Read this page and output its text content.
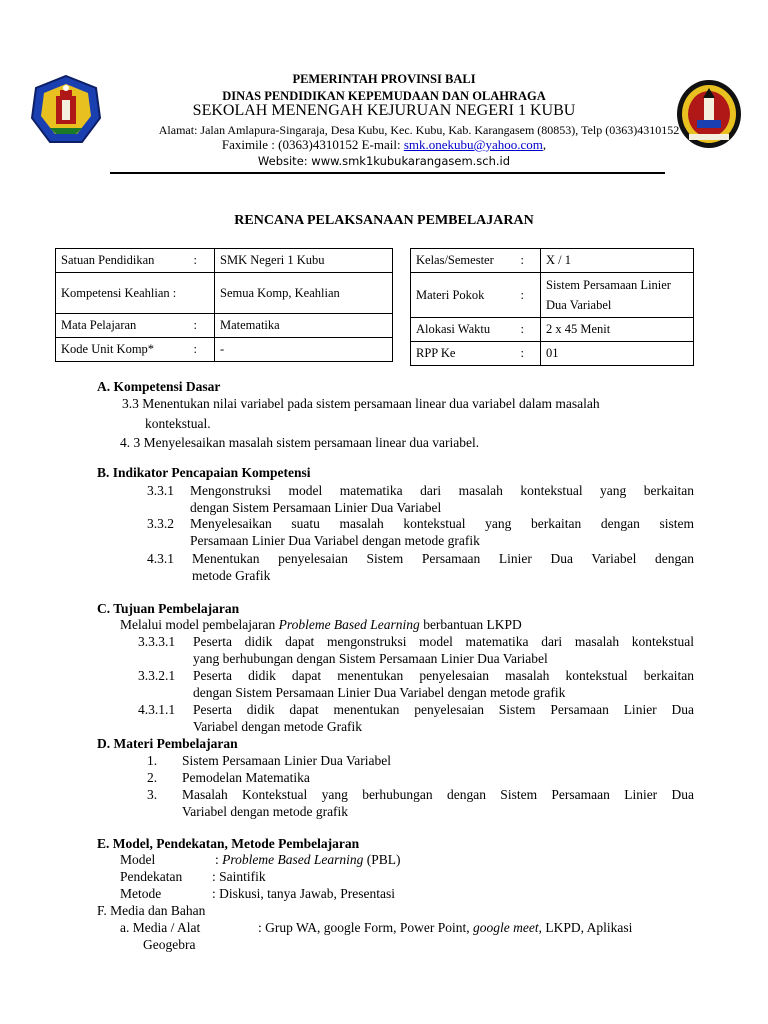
PEMERINTAH PROVINSI BALI
DINAS PENDIDIKAN KEPEMUDAAN DAN OLAHRAGA
SEKOLAH MENENGAH KEJURUAN NEGERI 1 KUBU
Alamat: Jalan Amlapura-Singaraja, Desa Kubu, Kec. Kubu, Kab. Karangasem (80853), Telp (0363)4310152
Faximile : (0363)4310152 E-mail: smk.onekubu@yahoo.com,
Website: www.smk1kubukarangasem.sch.id
RENCANA PELAKSANAAN PEMBELAJARAN
Satuan Pendidikan	:	SMK Negeri 1 Kubu
Kompetensi Keahlian :		Semua Komp, Keahlian
Mata Pelajaran	:	Matematika
Kode Unit Komp*	:	-
Kelas/Semester	:	X / 1
Materi Pokok	:	Sistem Persamaan Linier Dua Variabel
Alokasi Waktu	:	2 x 45 Menit
RPP Ke	:	01
A. Kompetensi Dasar
3.3 Menentukan nilai variabel pada sistem persamaan linear dua variabel dalam masalah
kontekstual.
4. 3 Menyelesaikan masalah sistem persamaan linear dua variabel.
B. Indikator Pencapaian Kompetensi
3.3.1 Mengonstruksi model matematika dari masalah kontekstual yang berkaitan
dengan Sistem Persamaan Linier Dua Variabel
3.3.2 Menyelesaikan suatu masalah kontekstual yang berkaitan dengan sistem
Persamaan Linier Dua Variabel dengan metode grafik
4.3.1 Menentukan penyelesaian Sistem Persamaan Linier Dua Variabel dengan
metode Grafik
C. Tujuan Pembelajaran
Melalui model pembelajaran Probleme Based Learning berbantuan LKPD
3.3.3.1 Peserta didik dapat mengonstruksi model matematika dari masalah kontekstual
yang berhubungan dengan Sistem Persamaan Linier Dua Variabel
3.3.2.1 Peserta didik dapat menentukan penyelesaian masalah kontekstual berkaitan
dengan Sistem Persamaan Linier Dua Variabel dengan metode grafik
4.3.1.1 Peserta didik dapat menentukan penyelesaian Sistem Persamaan Linier Dua
Variabel dengan metode Grafik
D. Materi Pembelajaran
1. Sistem Persamaan Linier Dua Variabel
2. Pemodelan Matematika
3. Masalah Kontekstual yang berhubungan dengan Sistem Persamaan Linier Dua
Variabel dengan metode grafik
E. Model, Pendekatan, Metode Pembelajaran
Model	: Probleme Based Learning (PBL)
Pendekatan : Saintifik
Metode	: Diskusi, tanya Jawab, Presentasi
F. Media dan Bahan
a. Media / Alat	: Grup WA, google Form, Power Point, google meet, LKPD, Aplikasi
Geogebra
